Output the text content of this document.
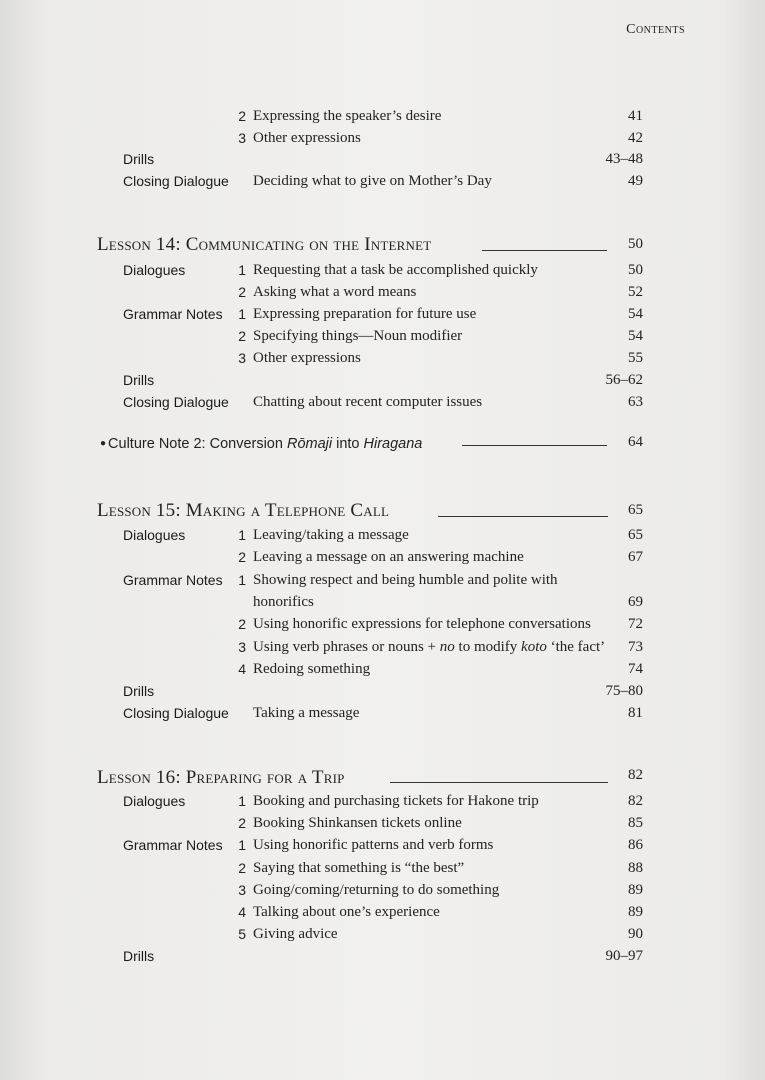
Contents
2 Expressing the speaker’s desire	41
3 Other expressions	42
Drills	43–48
Closing Dialogue Deciding what to give on Mother’s Day	49
Lesson 14: Communicating on the Internet	50
Dialogues	1 Requesting that a task be accomplished quickly	50
2 Asking what a word means	52
Grammar Notes	1 Expressing preparation for future use	54
2 Specifying things—Noun modifier	54
3 Other expressions	55
Drills	56–62
Closing Dialogue Chatting about recent computer issues	63
● Culture Note 2: Conversion Rōmaji into Hiragana	64
Lesson 15: Making a Telephone Call	65
Dialogues	1 Leaving/taking a message	65
2 Leaving a message on an answering machine	67
Grammar Notes	1 Showing respect and being humble and polite with
honorifics	69
2 Using honorific expressions for telephone conversations 72
3 Using verb phrases or nouns + no to modify koto ‘the fact’ 73
4 Redoing something	74
Drills	75–80
Closing Dialogue Taking a message	81
Lesson 16: Preparing for a Trip	82
Dialogues	1 Booking and purchasing tickets for Hakone trip	82
2 Booking Shinkansen tickets online	85
Grammar Notes	1 Using honorific patterns and verb forms	86
2 Saying that something is “the best”	88
3 Going/coming/returning to do something	89
4 Talking about one’s experience	89
5 Giving advice	90
Drills	90–97
